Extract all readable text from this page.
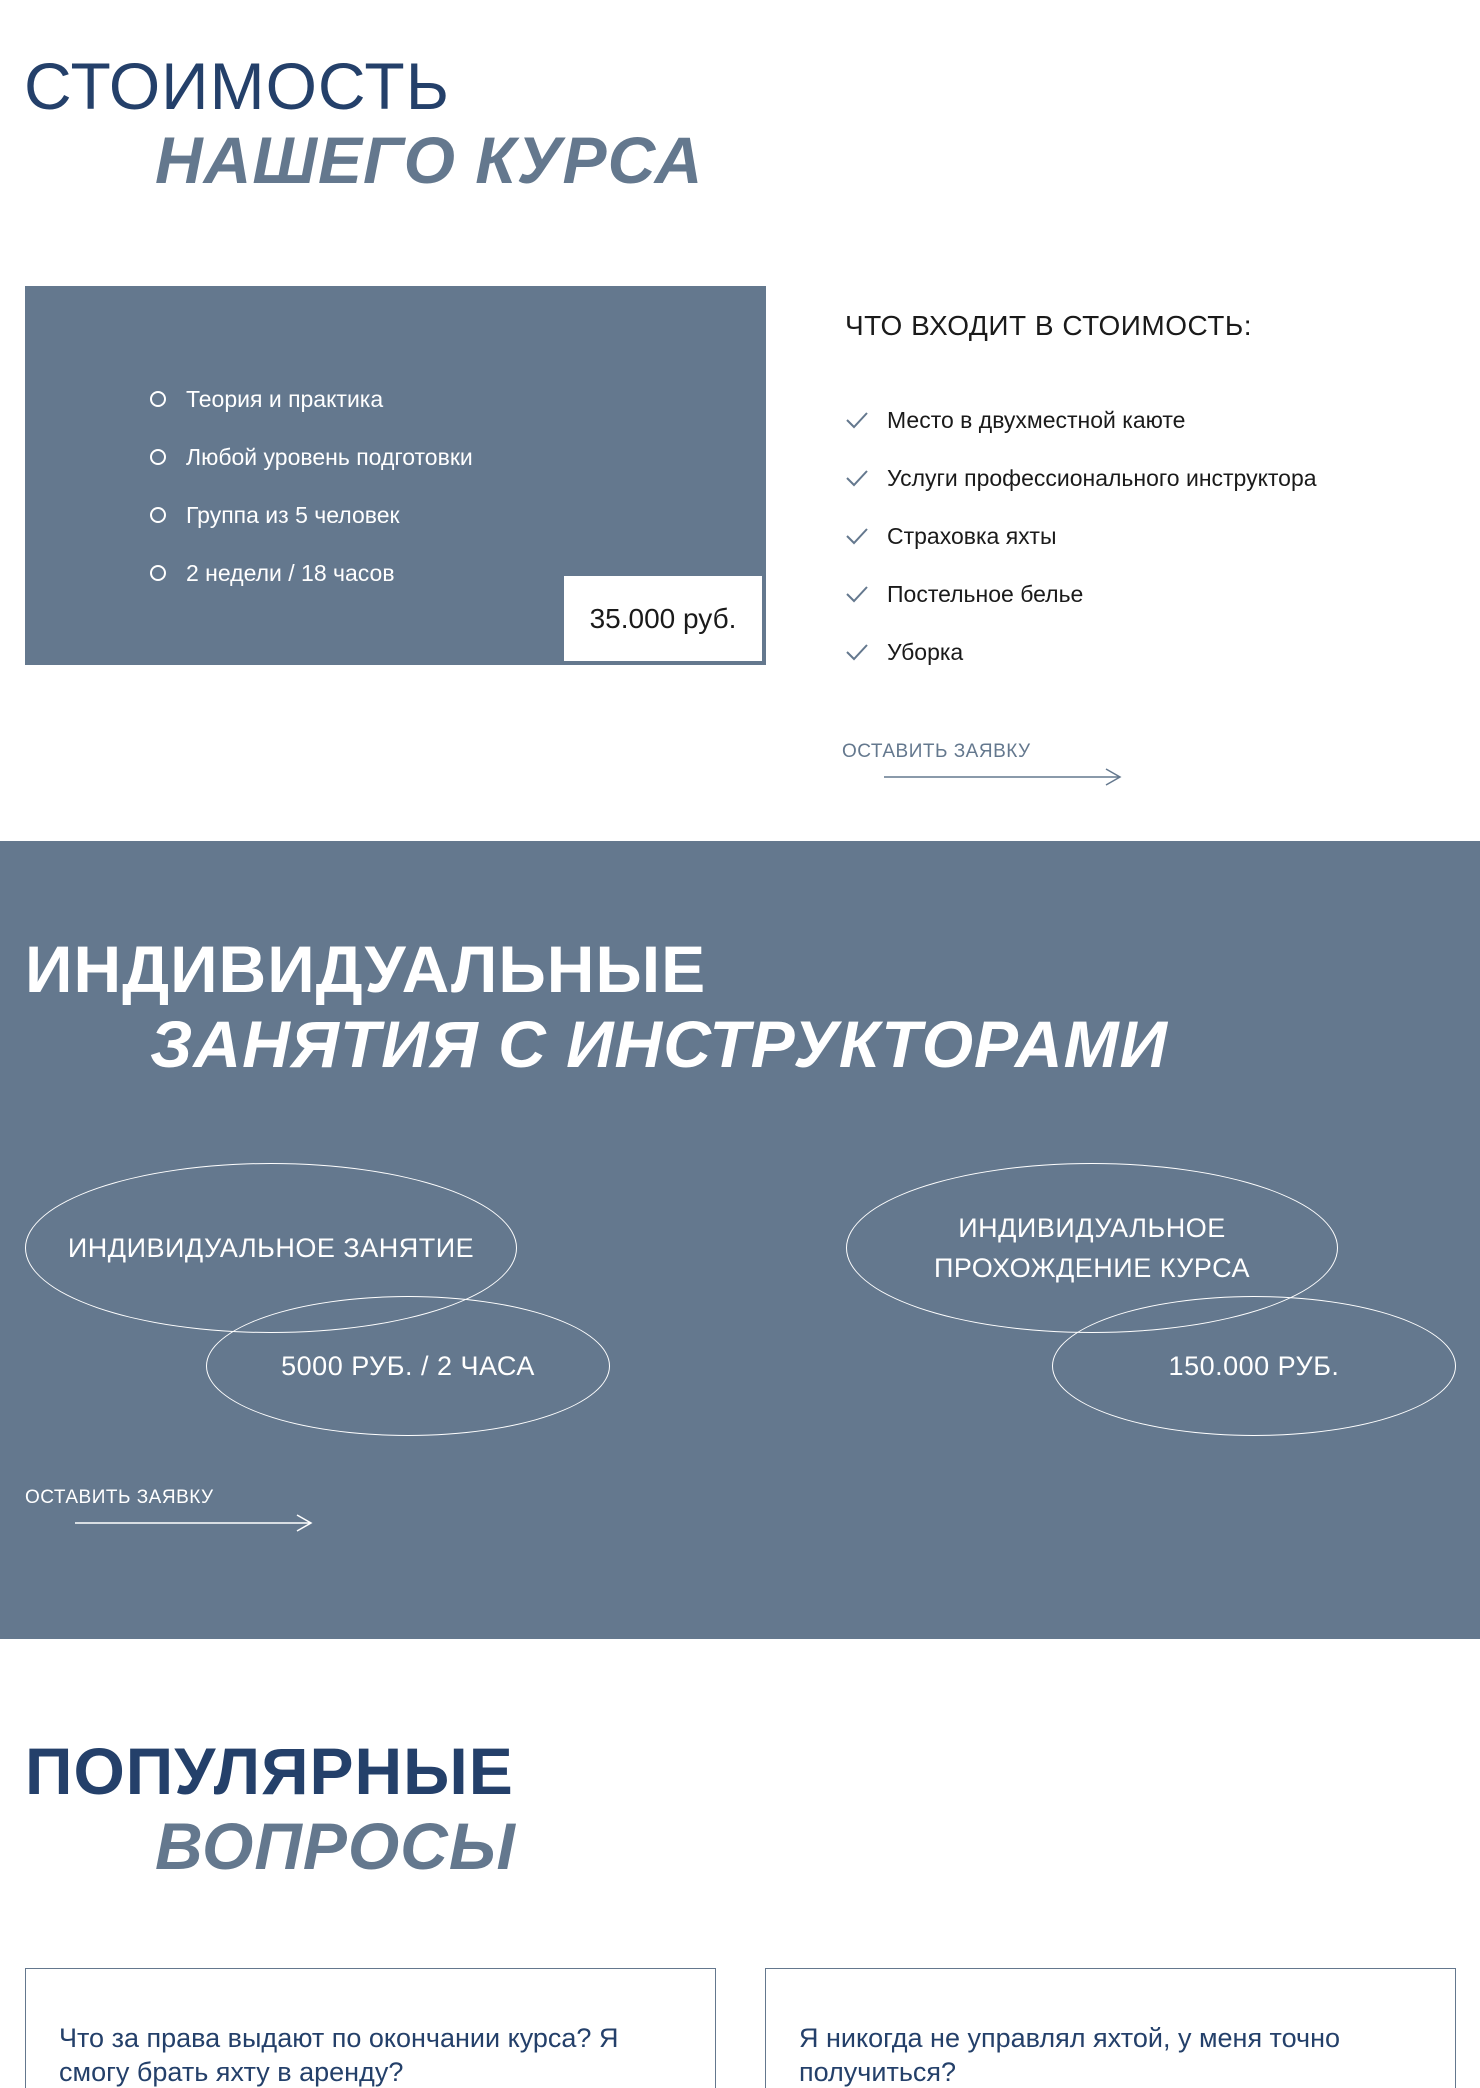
СТОИМОСТЬ
НАШЕГО КУРСА
Теория и практика
Любой уровень подготовки
Группа из 5 человек
2 недели / 18 часов
35.000 руб.
ЧТО ВХОДИТ В СТОИМОСТЬ:
Место в двухместной каюте
Услуги профессионального инструктора
Страховка яхты
Постельное белье
Уборка
ОСТАВИТЬ ЗАЯВКУ
ИНДИВИДУАЛЬНЫЕ
ЗАНЯТИЯ С ИНСТРУКТОРАМИ
ИНДИВИДУАЛЬНОЕ ЗАНЯТИЕ
5000 РУБ. / 2 ЧАСА
ИНДИВИДУАЛЬНОЕ
ПРОХОЖДЕНИЕ КУРСА
150.000 РУБ.
ОСТАВИТЬ ЗАЯВКУ
ПОПУЛЯРНЫЕ
ВОПРОСЫ

Что за права выдают по окончании курса? Я смогу брать яхту в аренду?

Я никогда не управлял яхтой, у меня точно получиться?
